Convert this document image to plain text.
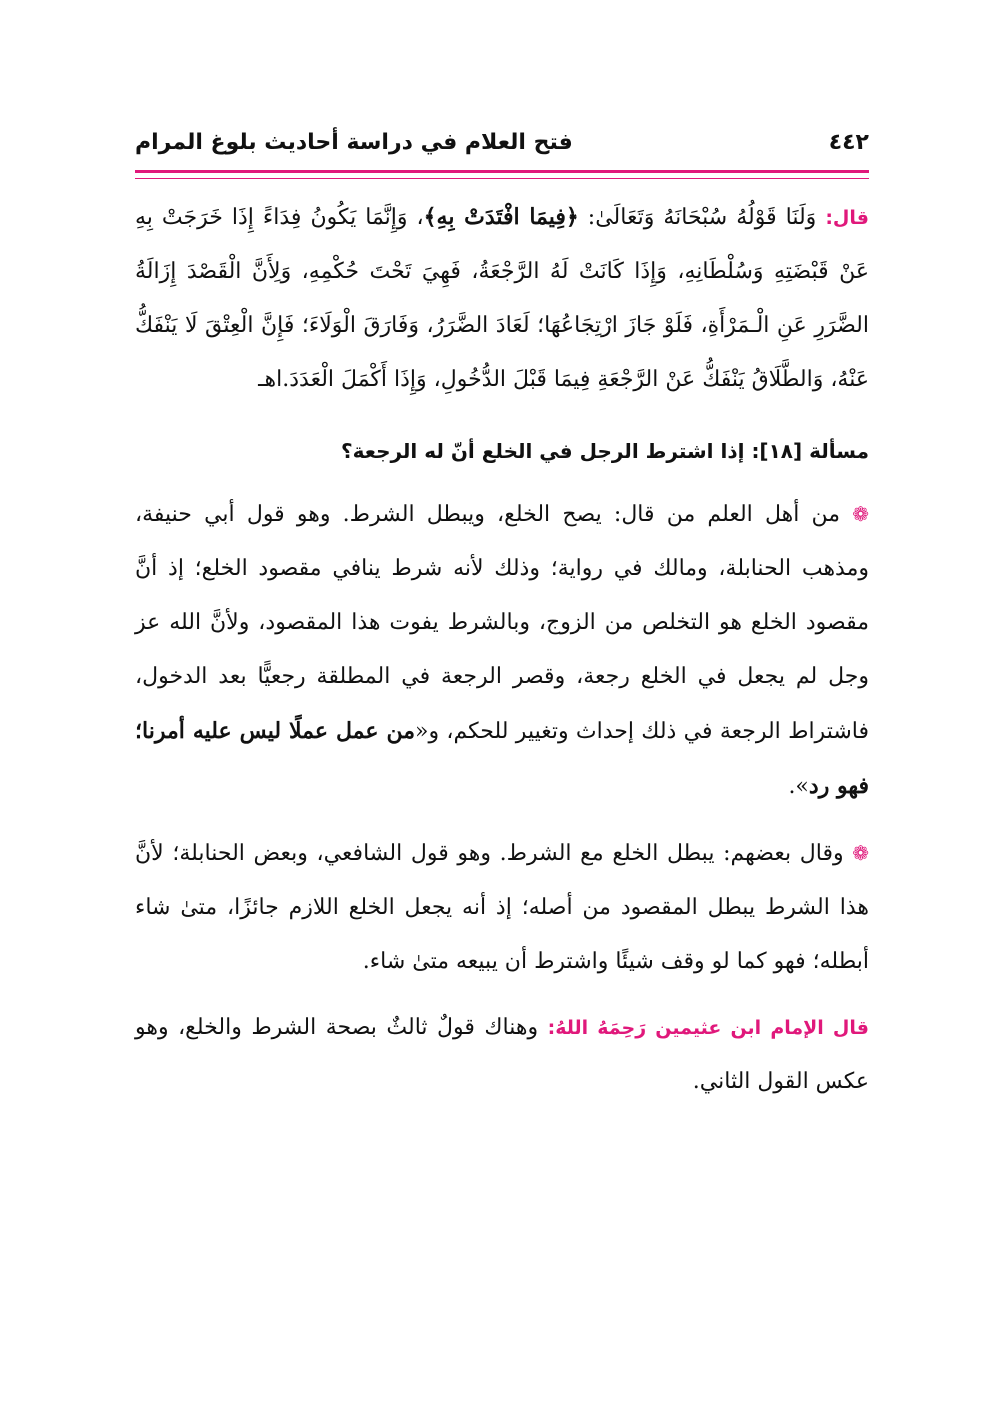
٤٤٢
فتح العلام في دراسة أحاديث بلوغ المرام

قال: وَلَنَا قَوْلُهُ سُبْحَانَهُ وَتَعَالَىٰ: ﴿فِيمَا افْتَدَتْ بِهِ﴾، وَإِنَّمَا يَكُونُ فِدَاءً إِذَا خَرَجَتْ بِهِ عَنْ قَبْضَتِهِ وَسُلْطَانِهِ، وَإِذَا كَانَتْ لَهُ الرَّجْعَةُ، فَهِيَ تَحْتَ حُكْمِهِ، وَلِأَنَّ الْقَصْدَ إِزَالَةُ الضَّرَرِ عَنِ الْـمَرْأَةِ، فَلَوْ جَازَ ارْتِجَاعُهَا؛ لَعَادَ الضَّرَرُ، وَفَارَقَ الْوَلَاءَ؛ فَإِنَّ الْعِتْقَ لَا يَنْفَكُّ عَنْهُ، وَالطَّلَاقُ يَنْفَكُّ عَنْ الرَّجْعَةِ فِيمَا قَبْلَ الدُّخُولِ، وَإِذَا أَكْمَلَ الْعَدَدَ.اهـ

مسألة [١٨]: إذا اشترط الرجل في الخلع أنّ له الرجعة؟

❁ من أهل العلم من قال: يصح الخلع، ويبطل الشرط. وهو قول أبي حنيفة، ومذهب الحنابلة، ومالك في رواية؛ وذلك لأنه شرط ينافي مقصود الخلع؛ إذ أنَّ مقصود الخلع هو التخلص من الزوج، وبالشرط يفوت هذا المقصود، ولأنَّ الله عز وجل لم يجعل في الخلع رجعة، وقصر الرجعة في المطلقة رجعيًّا بعد الدخول، فاشتراط الرجعة في ذلك إحداث وتغيير للحكم، و«من عمل عملًا ليس عليه أمرنا؛ فهو رد».

❁ وقال بعضهم: يبطل الخلع مع الشرط. وهو قول الشافعي، وبعض الحنابلة؛ لأنَّ هذا الشرط يبطل المقصود من أصله؛ إذ أنه يجعل الخلع اللازم جائزًا، متىٰ شاء أبطله؛ فهو كما لو وقف شيئًا واشترط أن يبيعه متىٰ شاء.

قال الإمام ابن عثيمين رَحِمَهُ اللهُ: وهناك قولٌ ثالثٌ بصحة الشرط والخلع، وهو عكس القول الثاني.
